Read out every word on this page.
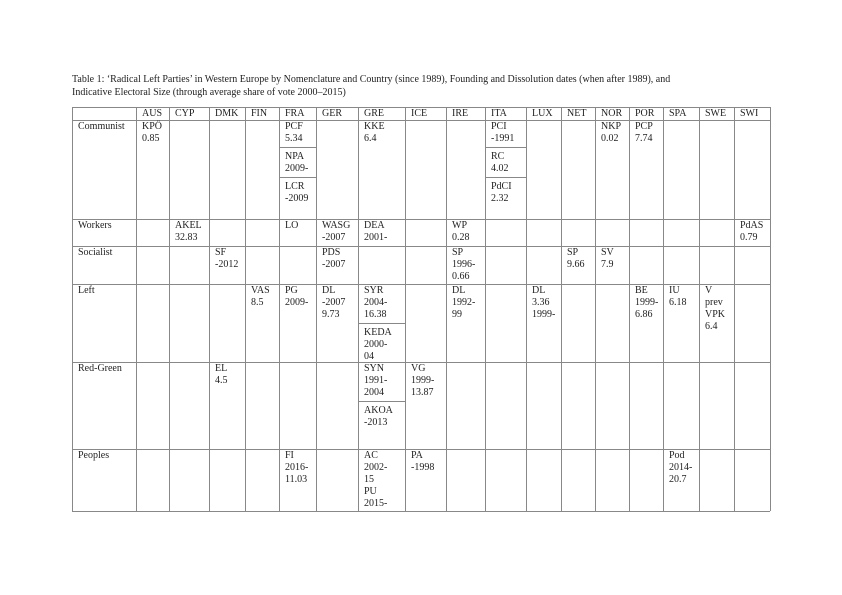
Table 1: ‘Radical Left Parties’ in Western Europe by Nomenclature and Country (since 1989), Founding and Dissolution dates (when after 1989), and
Indicative Electoral Size (through average share of vote 2000–2015)
AUS CYP DMK FIN FRA GER GRE	ICE IRE ITA	LUX NET NOR POR SPA SWE SWI
Communist
Workers
Socialist
Left
Red-Green
Peoples
KPÖ
0.85
PCF
5.34
NPA
2009-
LCR
-2009
KKE
6.4
PCI
-1991
RC
4.02
PdCI
2.32
NKP
0.02
PCP
7.74
AKEL
32.83
LO WASG
-2007
DEA
2001-
WP
0.28
PdAS
0.79
SF
-2012
PDS
-2007
SP
1996-
0.66
SP
9.66
SV
7.9
VAS
8.5
PG
2009-
DL
-2007
9.73
SYR
2004-
16.38
KEDA
2000-
04
DL
1992-
99
DL
3.36
1999-
BE
1999-
6.86
IU
6.18
V
prev
VPK
6.4
EL
4.5
SYN
1991-
2004
AKOA
-2013
VG
1999-
13.87
FI
2016-
11.03
AC
2002-
15
PU
2015-
PA
-1998
Pod
2014-
20.7
